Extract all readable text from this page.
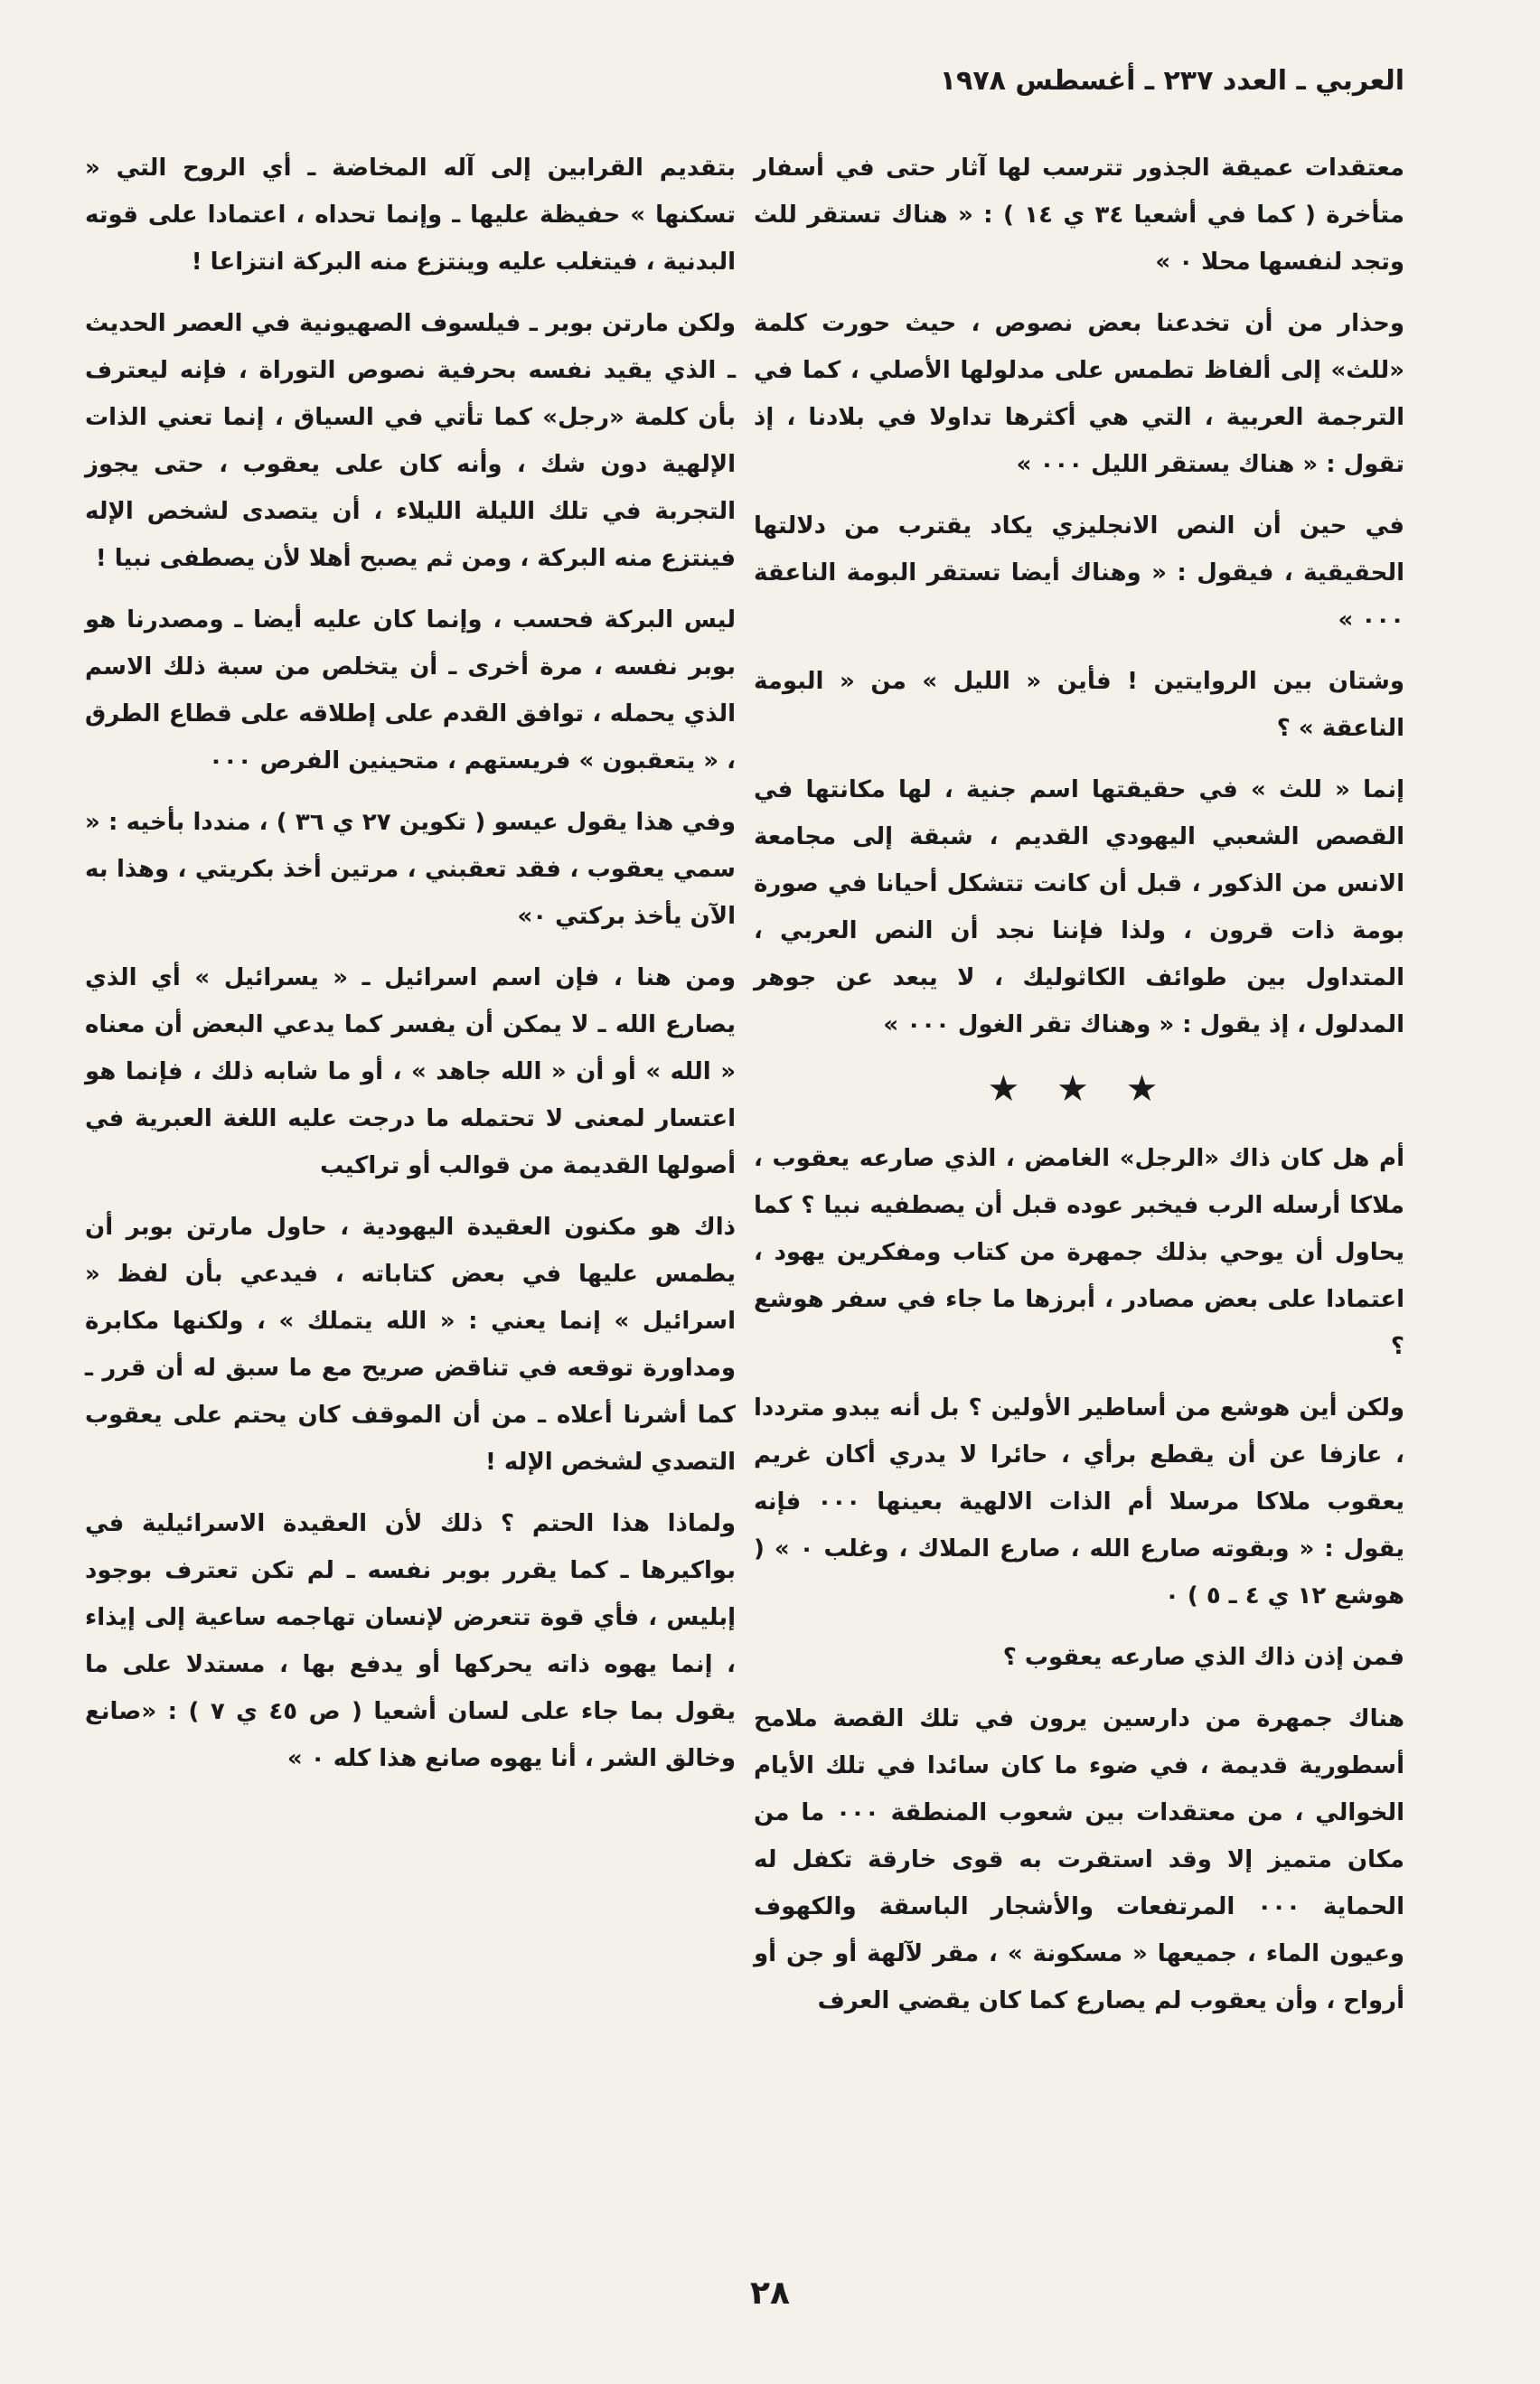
العربي ـ العدد ٢٣٧ ـ أغسطس ١٩٧٨

معتقدات عميقة الجذور تترسب لها آثار حتى في أسفار متأخرة ( كما في أشعيا ٣٤ ي ١٤ ) : « هناك تستقر للث وتجد لنفسها محلا ٠ »

وحذار من أن تخدعنا بعض نصوص ، حيث حورت كلمة «للث» إلى ألفاظ تطمس على مدلولها الأصلي ، كما في الترجمة العربية ، التي هي أكثرها تداولا في بلادنا ، إذ تقول : « هناك يستقر الليل ٠٠٠ »

في حين أن النص الانجليزي يكاد يقترب من دلالتها الحقيقية ، فيقول : « وهناك أيضا تستقر البومة الناعقة ٠٠٠ »

وشتان بين الروايتين ! فأين « الليل » من « البومة الناعقة » ؟

إنما « للث » في حقيقتها اسم جنية ، لها مكانتها في القصص الشعبي اليهودي القديم ، شبقة إلى مجامعة الانس من الذكور ، قبل أن كانت تتشكل أحيانا في صورة بومة ذات قرون ، ولذا فإننا نجد أن النص العربي ، المتداول بين طوائف الكاثوليك ، لا يبعد عن جوهر المدلول ، إذ يقول : « وهناك تقر الغول ٠٠٠ »

★ ★ ★

أم هل كان ذاك «الرجل» الغامض ، الذي صارعه يعقوب ، ملاكا أرسله الرب فيخبر عوده قبل أن يصطفيه نبيا ؟ كما يحاول أن يوحي بذلك جمهرة من كتاب ومفكرين يهود ، اعتمادا على بعض مصادر ، أبرزها ما جاء في سفر هوشع ؟

ولكن أين هوشع من أساطير الأولين ؟ بل أنه يبدو مترددا ، عازفا عن أن يقطع برأي ، حائرا لا يدري أكان غريم يعقوب ملاكا مرسلا أم الذات الالهية بعينها ٠٠٠ فإنه يقول : « وبقوته صارع الله ، صارع الملاك ، وغلب ٠ » ( هوشع ١٢ ي ٤ ـ ٥ ) ٠

فمن إذن ذاك الذي صارعه يعقوب ؟

هناك جمهرة من دارسين يرون في تلك القصة ملامح أسطورية قديمة ، في ضوء ما كان سائدا في تلك الأيام الخوالي ، من معتقدات بين شعوب المنطقة ٠٠٠ ما من مكان متميز إلا وقد استقرت به قوى خارقة تكفل له الحماية ٠٠٠ المرتفعات والأشجار الباسقة والكهوف وعيون الماء ، جميعها « مسكونة » ، مقر لآلهة أو جن أو أرواح ، وأن يعقوب لم يصارع كما كان يقضي العرف

بتقديم القرابين إلى آله المخاضة ـ أي الروح التي « تسكنها » حفيظة عليها ـ وإنما تحداه ، اعتمادا على قوته البدنية ، فيتغلب عليه وينتزع منه البركة انتزاعا !

ولكن مارتن بوبر ـ فيلسوف الصهيونية في العصر الحديث ـ الذي يقيد نفسه بحرفية نصوص التوراة ، فإنه ليعترف بأن كلمة «رجل» كما تأتي في السياق ، إنما تعني الذات الإلهية دون شك ، وأنه كان على يعقوب ، حتى يجوز التجربة في تلك الليلة الليلاء ، أن يتصدى لشخص الإله فينتزع منه البركة ، ومن ثم يصبح أهلا لأن يصطفى نبيا !

ليس البركة فحسب ، وإنما كان عليه أيضا ـ ومصدرنا هو بوبر نفسه ، مرة أخرى ـ أن يتخلص من سبة ذلك الاسم الذي يحمله ، توافق القدم على إطلاقه على قطاع الطرق ، « يتعقبون » فريستهم ، متحينين الفرص ٠٠٠

وفي هذا يقول عيسو ( تكوين ٢٧ ي ٣٦ ) ، منددا بأخيه : « سمي يعقوب ، فقد تعقبني ، مرتين أخذ بكريتي ، وهذا به الآن يأخذ بركتي ٠»

ومن هنا ، فإن اسم اسرائيل ـ « يسرائيل » أي الذي يصارع الله ـ لا يمكن أن يفسر كما يدعي البعض أن معناه « الله » أو أن « الله جاهد » ، أو ما شابه ذلك ، فإنما هو اعتسار لمعنى لا تحتمله ما درجت عليه اللغة العبرية في أصولها القديمة من قوالب أو تراكيب

ذاك هو مكنون العقيدة اليهودية ، حاول مارتن بوبر أن يطمس عليها في بعض كتاباته ، فيدعي بأن لفظ « اسرائيل » إنما يعني : « الله يتملك » ، ولكنها مكابرة ومداورة توقعه في تناقض صريح مع ما سبق له أن قرر ـ كما أشرنا أعلاه ـ من أن الموقف كان يحتم على يعقوب التصدي لشخص الإله !

ولماذا هذا الحتم ؟ ذلك لأن العقيدة الاسرائيلية في بواكيرها ـ كما يقرر بوبر نفسه ـ لم تكن تعترف بوجود إبليس ، فأي قوة تتعرض لإنسان تهاجمه ساعية إلى إيذاء ، إنما يهوه ذاته يحركها أو يدفع بها ، مستدلا على ما يقول بما جاء على لسان أشعيا ( ص ٤٥ ي ٧ ) : «صانع وخالق الشر ، أنا يهوه صانع هذا كله ٠ »

٢٨
